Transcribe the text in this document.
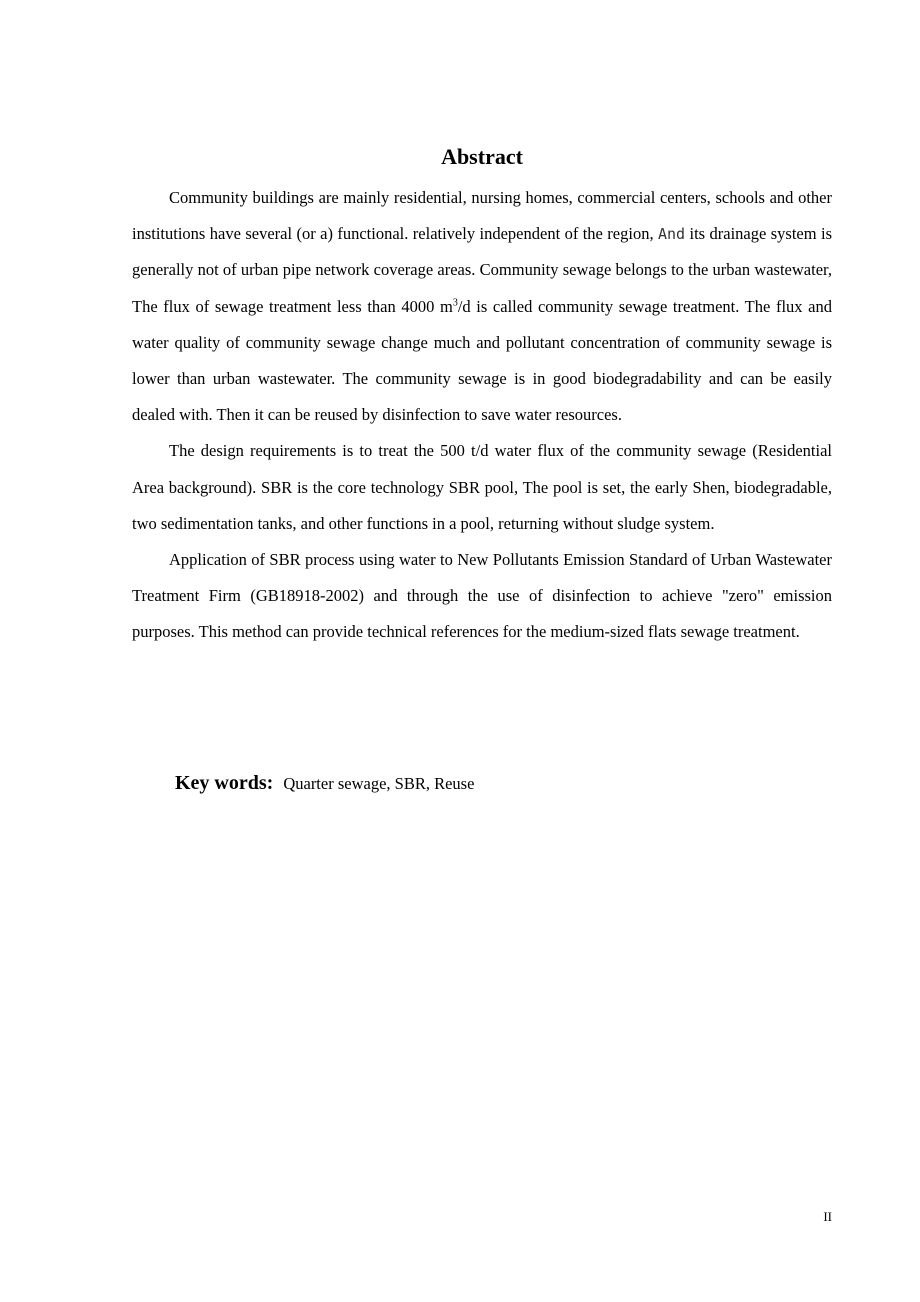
Abstract

Community buildings are mainly residential, nursing homes, commercial centers, schools and other institutions have several (or a) functional. relatively independent of the region, And its drainage system is generally not of urban pipe network coverage areas. Community sewage belongs to the urban wastewater, The flux of sewage treatment less than 4000 $m^3/d$ is called community sewage treatment. The flux and water quality of community sewage change much and pollutant concentration of community sewage is lower than urban wastewater. The community sewage is in good biodegradability and can be easily dealed with. Then it can be reused by disinfection to save water resources.

The design requirements is to treat the 500 t/d water flux of the community sewage (Residential Area background). SBR is the core technology SBR pool, The pool is set, the early Shen, biodegradable, two sedimentation tanks, and other functions in a pool, returning without sludge system.

Application of SBR process using water to New Pollutants Emission Standard of Urban Wastewater Treatment Firm (GB18918-2002) and through the use of disinfection to achieve "zero" emission purposes. This method can provide technical references for the medium-sized flats sewage treatment.

Key words: Quarter sewage, SBR, Reuse
II
